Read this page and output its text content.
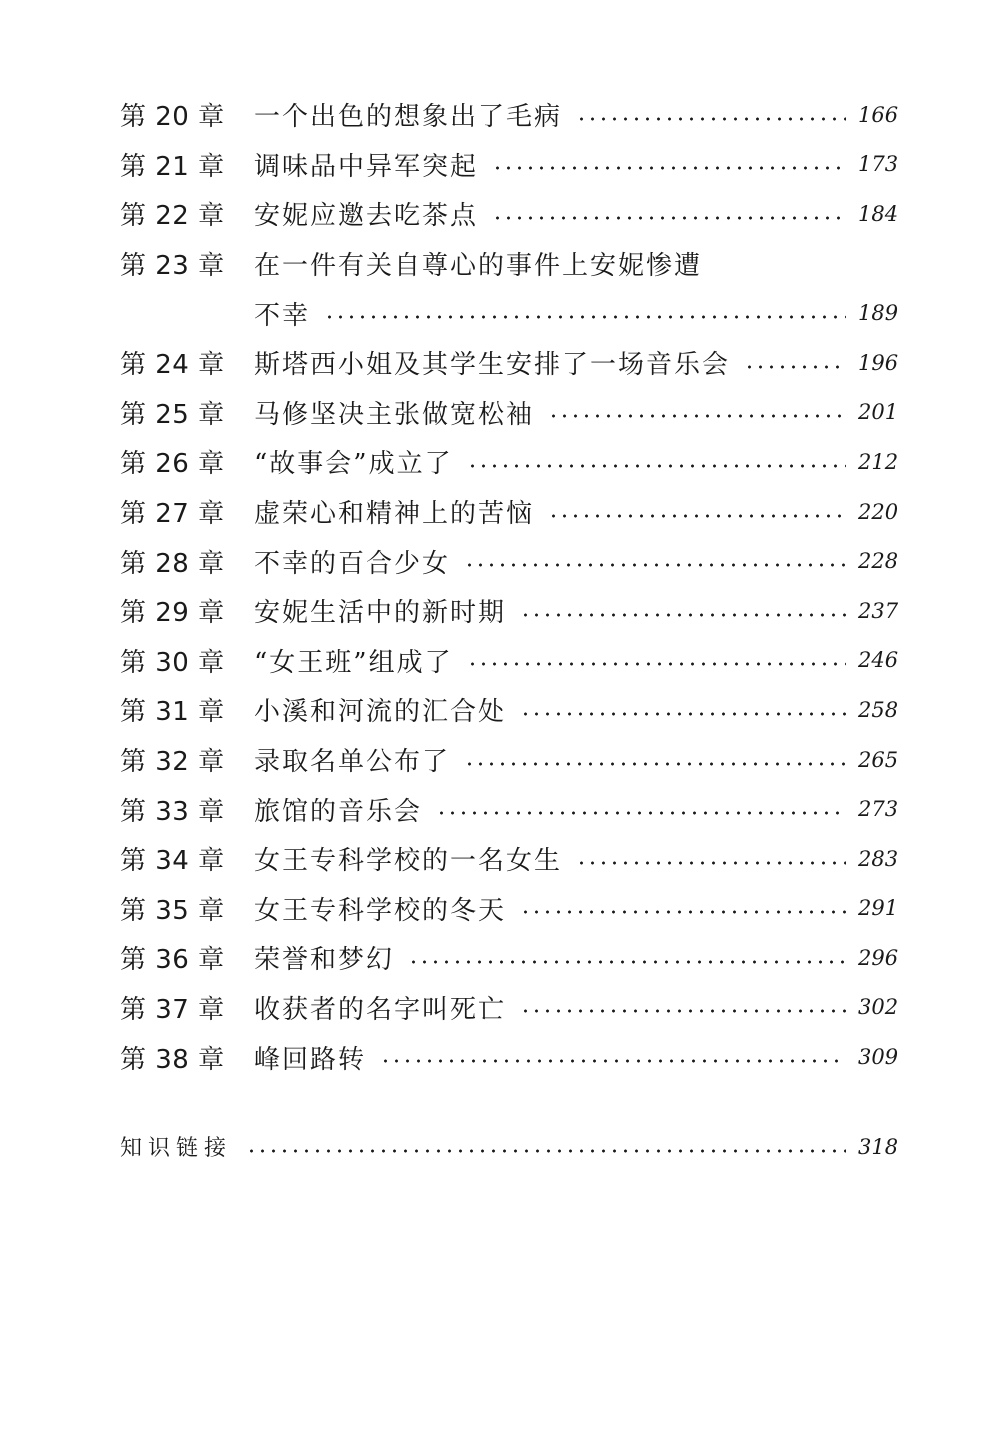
第 20 章	一个出色的想象出了毛病	166
第 21 章	调味品中异军突起	173
第 22 章	安妮应邀去吃茶点	184
第 23 章	在一件有关自尊心的事件上安妮惨遭
不幸	189
第 24 章	斯塔西小姐及其学生安排了一场音乐会	196
第 25 章	马修坚决主张做宽松袖	201
第 26 章	“故事会”成立了	212
第 27 章	虚荣心和精神上的苦恼	220
第 28 章	不幸的百合少女	228
第 29 章	安妮生活中的新时期	237
第 30 章	“女王班”组成了	246
第 31 章	小溪和河流的汇合处	258
第 32 章	录取名单公布了	265
第 33 章	旅馆的音乐会	273
第 34 章	女王专科学校的一名女生	283
第 35 章	女王专科学校的冬天	291
第 36 章	荣誉和梦幻	296
第 37 章	收获者的名字叫死亡	302
第 38 章	峰回路转	309
知识链接	318
